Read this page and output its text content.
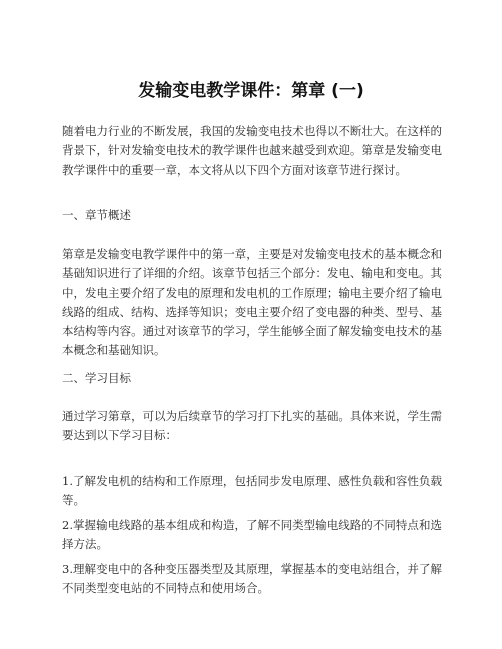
发输变电教学课件：第章 (一)

随着电力行业的不断发展，我国的发输变电技术也得以不断壮大。在这样的背景下，针对发输变电技术的教学课件也越来越受到欢迎。第章是发输变电教学课件中的重要一章，本文将从以下四个方面对该章节进行探讨。

一、章节概述

第章是发输变电教学课件中的第一章，主要是对发输变电技术的基本概念和基础知识进行了详细的介绍。该章节包括三个部分：发电、输电和变电。其中，发电主要介绍了发电的原理和发电机的工作原理；输电主要介绍了输电线路的组成、结构、选择等知识；变电主要介绍了变电器的种类、型号、基本结构等内容。通过对该章节的学习，学生能够全面了解发输变电技术的基本概念和基础知识。

二、学习目标

通过学习第章，可以为后续章节的学习打下扎实的基础。具体来说，学生需要达到以下学习目标：

1.了解发电机的结构和工作原理，包括同步发电原理、感性负载和容性负载等。

2.掌握输电线路的基本组成和构造，了解不同类型输电线路的不同特点和选择方法。

3.理解变电中的各种变压器类型及其原理，掌握基本的变电站组合，并了解不同类型变电站的不同特点和使用场合。
